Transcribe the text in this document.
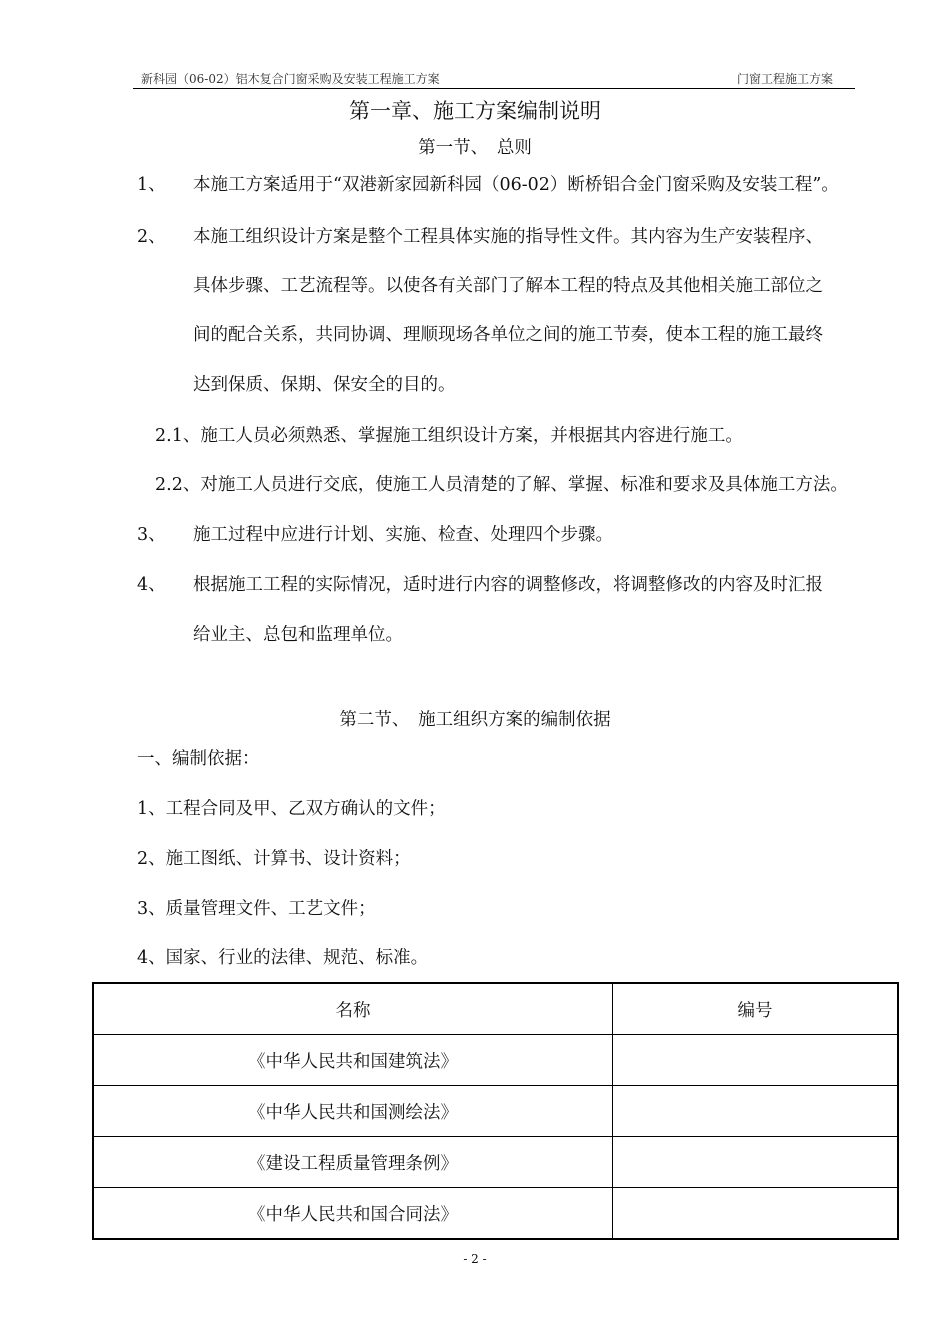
新科园（06-02）铝木复合门窗采购及安装工程施工方案	门窗工程施工方案
第一章、施工方案编制说明
第一节、　总则
1、 本施工方案适用于“双港新家园新科园（06-02）断桥铝合金门窗采购及安装工程”。
2、 本施工组织设计方案是整个工程具体实施的指导性文件。其内容为生产安装程序、
具体步骤、工艺流程等。以使各有关部门了解本工程的特点及其他相关施工部位之
间的配合关系，共同协调、理顺现场各单位之间的施工节奏，使本工程的施工最终
达到保质、保期、保安全的目的。
2.1、施工人员必须熟悉、掌握施工组织设计方案，并根据其内容进行施工。
2.2、对施工人员进行交底，使施工人员清楚的了解、掌握、标准和要求及具体施工方法。
3、 施工过程中应进行计划、实施、检查、处理四个步骤。
4、 根据施工工程的实际情况，适时进行内容的调整修改，将调整修改的内容及时汇报
给业主、总包和监理单位。
第二节、　施工组织方案的编制依据
一、编制依据：
1、工程合同及甲、乙双方确认的文件；
2、施工图纸、计算书、设计资料；
3、质量管理文件、工艺文件；
4、国家、行业的法律、规范、标准。
名称	编号
《中华人民共和国建筑法》	
《中华人民共和国测绘法》	
《建设工程质量管理条例》	
《中华人民共和国合同法》	
- 2 -
